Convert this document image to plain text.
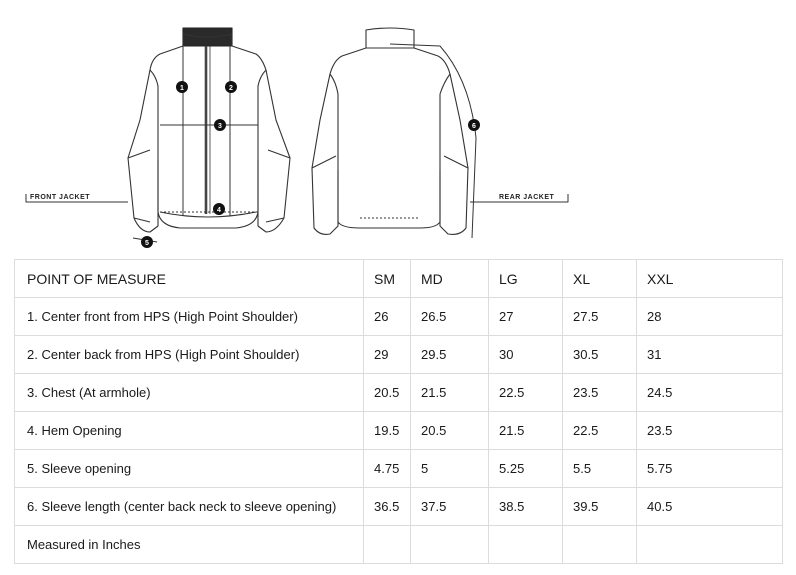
FRONT JACKET	REAR JACKET
1	2
3
4
5
6
POINT OF MEASURE	SM	MD	LG	XL	XXL
1. Center front from HPS (High Point Shoulder)	26	26.5	27	27.5	28
2. Center back from HPS (High Point Shoulder)	29	29.5	30	30.5	31
3. Chest (At armhole)	20.5	21.5	22.5	23.5	24.5
4. Hem Opening	19.5	20.5	21.5	22.5	23.5
5. Sleeve opening	4.75	5	5.25	5.5	5.75
6. Sleeve length (center back neck to sleeve opening)	36.5	37.5	38.5	39.5	40.5
Measured in Inches					
